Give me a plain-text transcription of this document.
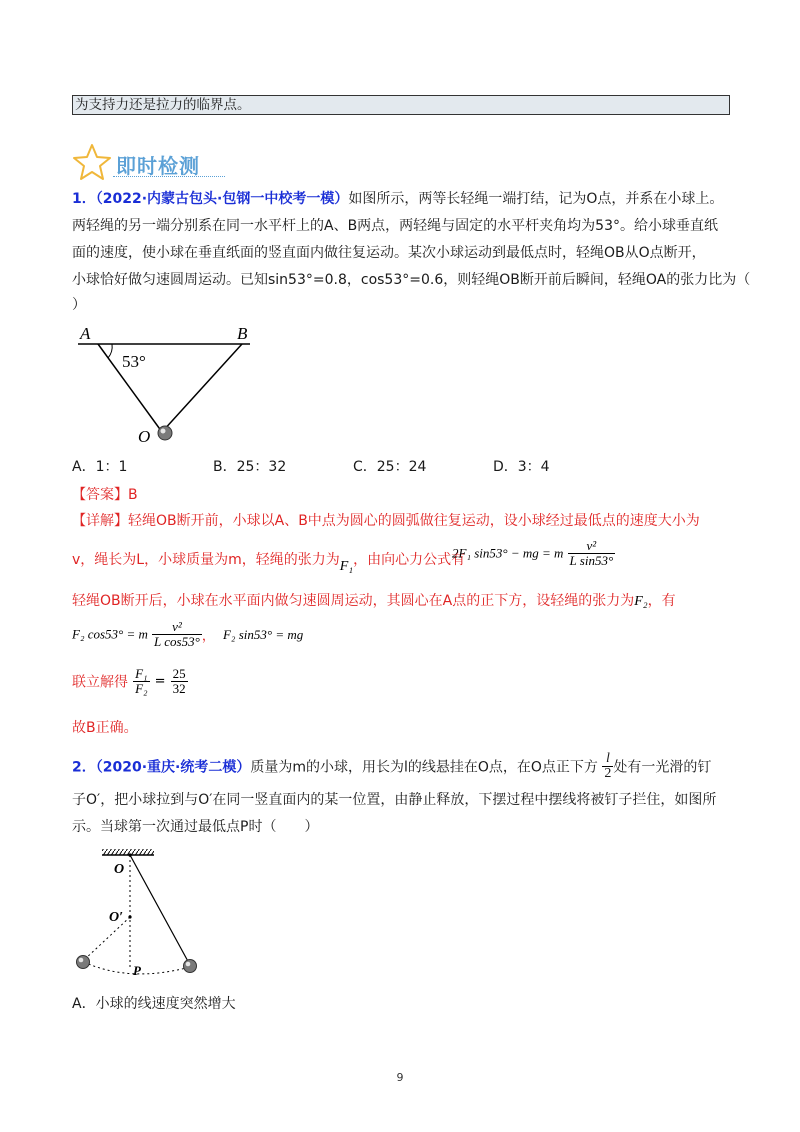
为支持力还是拉力的临界点。
即时检测
1．（2022·内蒙古包头·包钢一中校考一模）如图所示，两等长轻绳一端打结，记为O点，并系在小球上。
两轻绳的另一端分别系在同一水平杆上的A、B两点，两轻绳与固定的水平杆夹角均为53°。给小球垂直纸
面的速度，使小球在垂直纸面的竖直面内做往复运动。某次小球运动到最低点时，轻绳OB从O点断开，
小球恰好做匀速圆周运动。已知sin53°=0.8，cos53°=0.6，则轻绳OB断开前后瞬间，轻绳OA的张力比为（
）
A	B
O
53°
A．1：1	B．25：32	C．25：24	D．3：4
【答案】B
【详解】轻绳OB断开前，小球以A、B中点为圆心的圆弧做往复运动，设小球经过最低点的速度大小为
v，绳长为L，小球质量为m，轻绳的张力为F₁，由向心力公式有
2F₁ sin53° − mg = m $\frac{\text{v²}}{\text{L sin53°}}$
轻绳OB断开后，小球在水平面内做匀速圆周运动，其圆心在A点的正下方，设轻绳的张力为F₂，有
F₂ cos53° = m $\frac{\text{v²}}{\text{L cos53°}}$ ， F₂ sin53° = mg
联立解得 $\frac{\text{F₁}}{\text{F₂}} = \frac{25}{32}$
故B正确。
2．（2020·重庆·统考二模）质量为m的小球，用长为l的线悬挂在O点，在O点正下方 $\frac{l}{2}$ 处有一光滑的钉
子O′，把小球拉到与O′在同一竖直面内的某一位置，由静止释放，下摆过程中摆线将被钉子拦住，如图所
示。当球第一次通过最低点P时（　　）
O
O′
P
A．小球的线速度突然增大
9
